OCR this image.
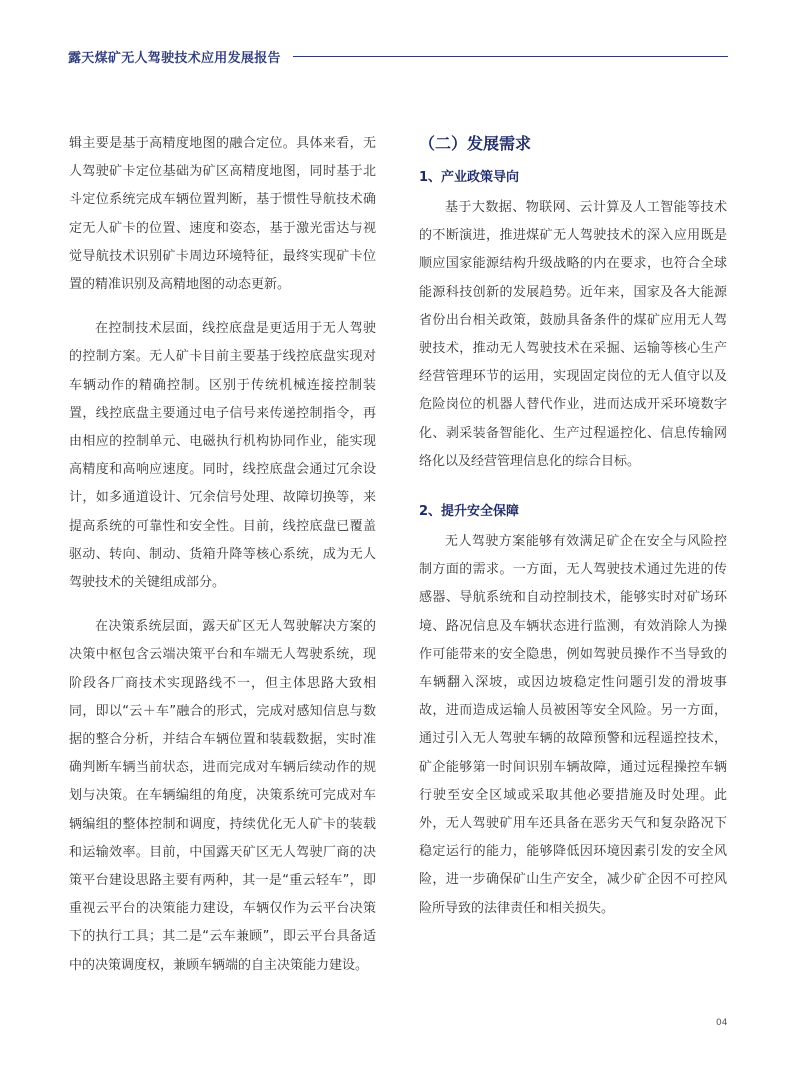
露天煤矿无人驾驶技术应用发展报告

辑主要是基于高精度地图的融合定位。具体来看，无人驾驶矿卡定位基础为矿区高精度地图，同时基于北斗定位系统完成车辆位置判断，基于惯性导航技术确定无人矿卡的位置、速度和姿态，基于激光雷达与视觉导航技术识别矿卡周边环境特征，最终实现矿卡位置的精准识别及高精地图的动态更新。

在控制技术层面，线控底盘是更适用于无人驾驶的控制方案。无人矿卡目前主要基于线控底盘实现对车辆动作的精确控制。区别于传统机械连接控制装置，线控底盘主要通过电子信号来传递控制指令，再由相应的控制单元、电磁执行机构协同作业，能实现高精度和高响应速度。同时，线控底盘会通过冗余设计，如多通道设计、冗余信号处理、故障切换等，来提高系统的可靠性和安全性。目前，线控底盘已覆盖驱动、转向、制动、货箱升降等核心系统，成为无人驾驶技术的关键组成部分。

在决策系统层面，露天矿区无人驾驶解决方案的决策中枢包含云端决策平台和车端无人驾驶系统，现阶段各厂商技术实现路线不一，但主体思路大致相同，即以“云＋车”融合的形式，完成对感知信息与数据的整合分析，并结合车辆位置和装载数据，实时准确判断车辆当前状态，进而完成对车辆后续动作的规划与决策。在车辆编组的角度，决策系统可完成对车辆编组的整体控制和调度，持续优化无人矿卡的装载和运输效率。目前，中国露天矿区无人驾驶厂商的决策平台建设思路主要有两种，其一是“重云轻车”，即重视云平台的决策能力建设，车辆仅作为云平台决策下的执行工具；其二是“云车兼顾”，即云平台具备适中的决策调度权，兼顾车辆端的自主决策能力建设。

（二）发展需求
1、产业政策导向

基于大数据、物联网、云计算及人工智能等技术的不断演进，推进煤矿无人驾驶技术的深入应用既是顺应国家能源结构升级战略的内在要求，也符合全球能源科技创新的发展趋势。近年来，国家及各大能源省份出台相关政策，鼓励具备条件的煤矿应用无人驾驶技术，推动无人驾驶技术在采掘、运输等核心生产经营管理环节的运用，实现固定岗位的无人值守以及危险岗位的机器人替代作业，进而达成开采环境数字化、剥采装备智能化、生产过程遥控化、信息传输网络化以及经营管理信息化的综合目标。

2、提升安全保障

无人驾驶方案能够有效满足矿企在安全与风险控制方面的需求。一方面，无人驾驶技术通过先进的传感器、导航系统和自动控制技术，能够实时对矿场环境、路况信息及车辆状态进行监测，有效消除人为操作可能带来的安全隐患，例如驾驶员操作不当导致的车辆翻入深坡，或因边坡稳定性问题引发的滑坡事故，进而造成运输人员被困等安全风险。另一方面，通过引入无人驾驶车辆的故障预警和远程遥控技术，矿企能够第一时间识别车辆故障，通过远程操控车辆行驶至安全区域或采取其他必要措施及时处理。此外，无人驾驶矿用车还具备在恶劣天气和复杂路况下稳定运行的能力，能够降低因环境因素引发的安全风险，进一步确保矿山生产安全，减少矿企因不可控风险所导致的法律责任和相关损失。

04
